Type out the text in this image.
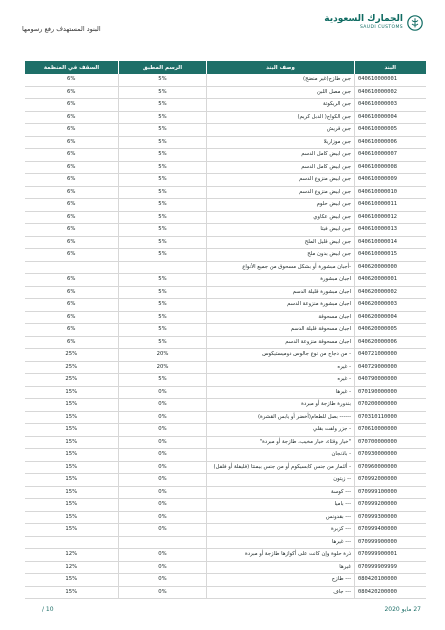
البنود المستهدف رفع رسومها
الجمارك السعودية
SAUDI CUSTOMS
البند	وصف البند	الرسم المطبق	السقف في المنظمة
040610000001	جبن طازج(غير منضج)	5%	6%
040610000002	جبن مصل اللبن	5%	6%
040610000003	جبن الريكوتة	5%	6%
040610000004	جبن الكواج( الدبل كريم)	5%	6%
040610000005	جبن قريش	5%	6%
040610000006	جبن موزاريلا	5%	6%
040610000007	جبن ابيض كامل الدسم	5%	6%
040610000008	جبن ابيض كامل الدسم	5%	6%
040610000009	جبن ابيض منزوع الدسم	5%	6%
040610000010	جبن ابيض منزوع الدسم	5%	6%
040610000011	جبن ابيض حلوم	5%	6%
040610000012	جبن ابيض عكاوي	5%	6%
040610000013	جبن ابيض فيتا	5%	6%
040610000014	جبن ابيض قليل الملح	5%	6%
040610000015	جبن ابيض بدون ملح	5%	6%
040620000000	-أجبان مبشورة أو بشكل مسحوق من جميع الأنواع		
040620000001	اجبان مبشورة	5%	6%
040620000002	اجبان مبشورة قليلة الدسم	5%	6%
040620000003	اجبان مبشورة منزوعة الدسم	5%	6%
040620000004	اجبان مسحوقة	5%	6%
040620000005	اجبان مسحوقة قليلة الدسم	5%	6%
040620000006	اجبان مسحوقة منزوعة الدسم	5%	6%
040721000000	- من دجاج من نوع جالوس دوميستيكوس	20%	25%
040729000000	- غيره	20%	25%
040790000000	- غيره	5%	25%
070190000000	- غيرها	0%	15%
070200000000	بندورة طازجة أو مبردة	0%	15%
070310110000	------ بصل للطعام(أخضر أو يابس القشرة)	0%	15%
070610000000	- جزر ولفت بقلي	0%	15%
070700000000	"خيار وقثاء، خيار مخيب، طازجة أو مبردة"	0%	15%
070930000000	- باذنجان	0%	15%
070960000000	- ألثمار من جنس كابسيكوم أو من جنس بيمنتا (فليفلة أو فلفل)	0%	15%
070992000000	-- زيتون	0%	15%
070999100000	--- كوسة	0%	15%
070999200000	--- باميا	0%	15%
070999300000	--- بقدونس	0%	15%
070999400000	--- كزبرة	0%	15%
070999900000	--- غيرها		
070999900001	ذرة حلوة وإن كانت على أكوازها طازجة أو مبردة	0%	12%
070999909999	غيرها	0%	12%
080420100000	--- طازج	0%	15%
080420200000	--- جاف	0%	15%
/ 10	27 مايو 2020
